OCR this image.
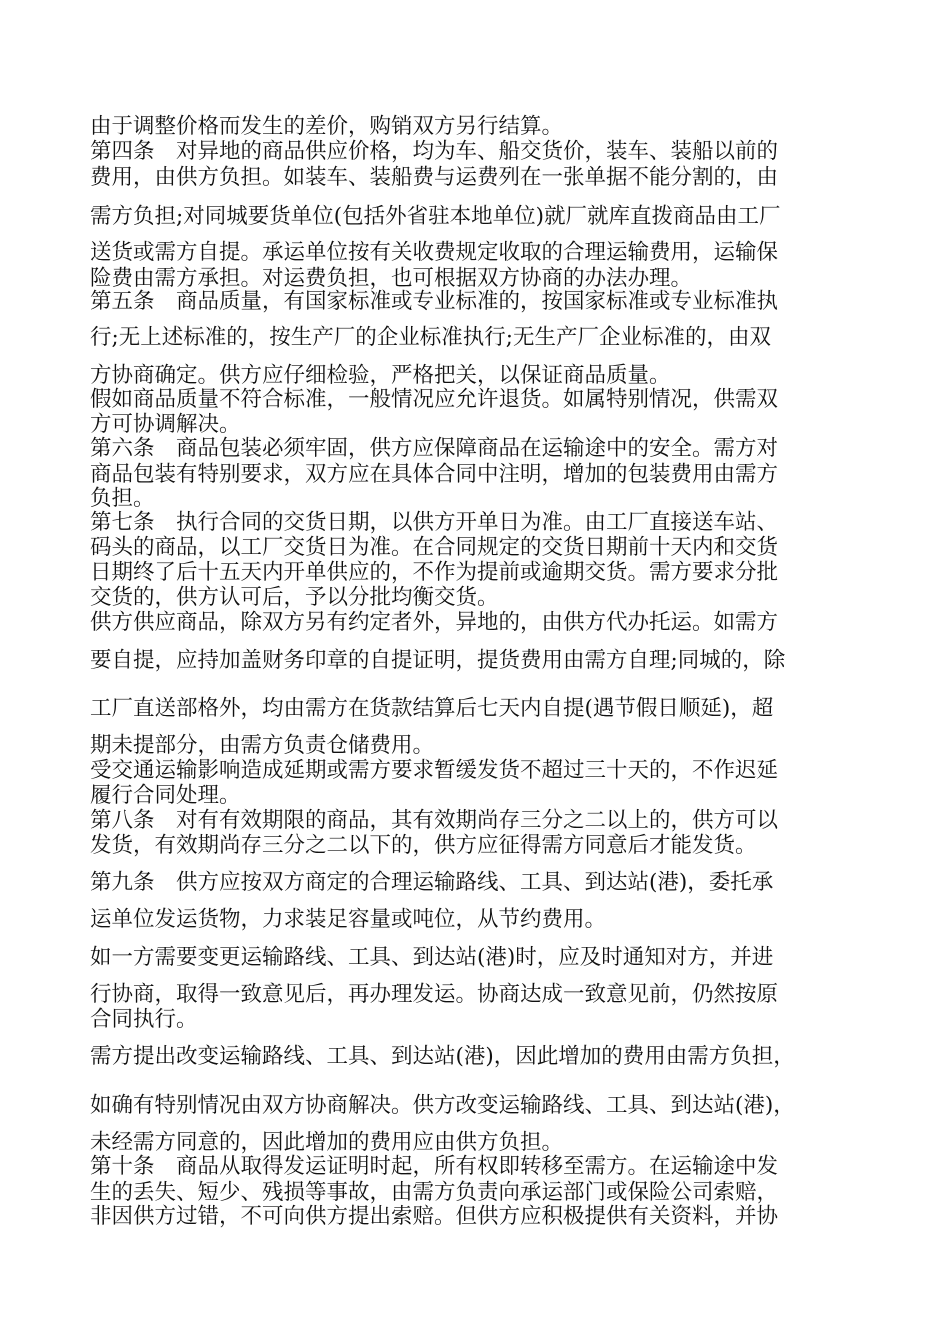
由于调整价格而发生的差价，购销双方另行结算。
第四条　对异地的商品供应价格，均为车、船交货价，装车、装船以前的
费用，由供方负担。如装车、装船费与运费列在一张单据不能分割的，由
需方负担;对同城要货单位(包括外省驻本地单位)就厂就库直拨商品由工厂
送货或需方自提。承运单位按有关收费规定收取的合理运输费用，运输保
险费由需方承担。对运费负担，也可根据双方协商的办法办理。
第五条　商品质量，有国家标准或专业标准的，按国家标准或专业标准执
行;无上述标准的，按生产厂的企业标准执行;无生产厂企业标准的，由双
方协商确定。供方应仔细检验，严格把关，以保证商品质量。
假如商品质量不符合标准，一般情况应允许退货。如属特别情况，供需双
方可协调解决。
第六条　商品包装必须牢固，供方应保障商品在运输途中的安全。需方对
商品包装有特别要求，双方应在具体合同中注明，增加的包装费用由需方
负担。
第七条　执行合同的交货日期，以供方开单日为准。由工厂直接送车站、
码头的商品，以工厂交货日为准。在合同规定的交货日期前十天内和交货
日期终了后十五天内开单供应的，不作为提前或逾期交货。需方要求分批
交货的，供方认可后，予以分批均衡交货。
供方供应商品，除双方另有约定者外，异地的，由供方代办托运。如需方
要自提，应持加盖财务印章的自提证明，提货费用由需方自理;同城的，除
工厂直送部格外，均由需方在货款结算后七天内自提(遇节假日顺延)，超
期未提部分，由需方负责仓储费用。
受交通运输影响造成延期或需方要求暂缓发货不超过三十天的，不作迟延
履行合同处理。
第八条　对有有效期限的商品，其有效期尚存三分之二以上的，供方可以
发货，有效期尚存三分之二以下的，供方应征得需方同意后才能发货。
第九条　供方应按双方商定的合理运输路线、工具、到达站(港)，委托承
运单位发运货物，力求装足容量或吨位，从节约费用。
如一方需要变更运输路线、工具、到达站(港)时，应及时通知对方，并进
行协商，取得一致意见后，再办理发运。协商达成一致意见前，仍然按原
合同执行。
需方提出改变运输路线、工具、到达站(港)，因此增加的费用由需方负担，
如确有特别情况由双方协商解决。供方改变运输路线、工具、到达站(港)，
未经需方同意的，因此增加的费用应由供方负担。
第十条　商品从取得发运证明时起，所有权即转移至需方。在运输途中发
生的丢失、短少、残损等事故，由需方负责向承运部门或保险公司索赔，
非因供方过错，不可向供方提出索赔。但供方应积极提供有关资料，并协
